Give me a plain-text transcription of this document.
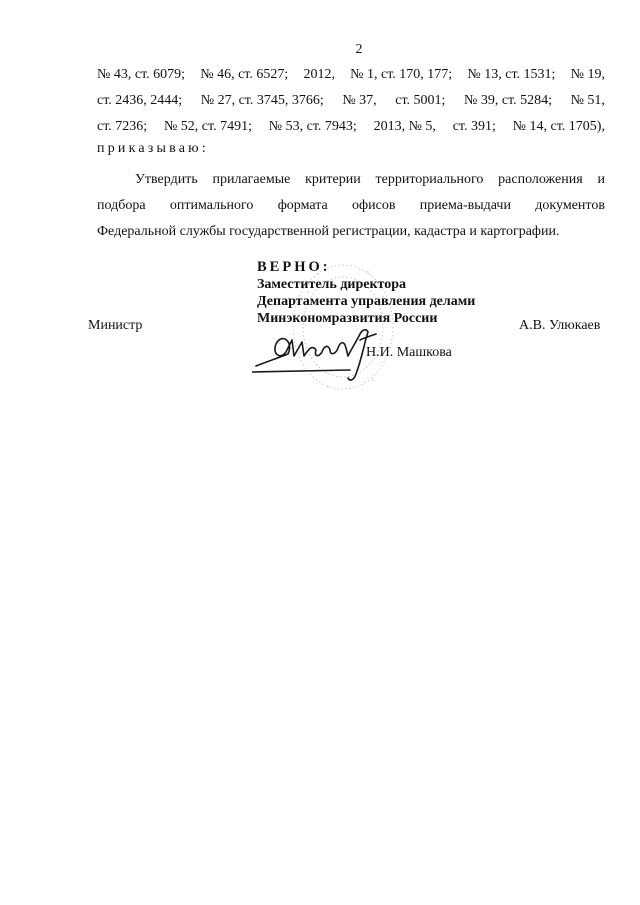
2
№ 43, ст. 6079; № 46, ст. 6527; 2012, № 1, ст. 170, 177; № 13, ст. 1531; № 19,
ст. 2436, 2444; № 27, ст. 3745, 3766; № 37, ст. 5001; № 39, ст. 5284; № 51,
ст. 7236; № 52, ст. 7491; № 53, ст. 7943; 2013, № 5, ст. 391; № 14, ст. 1705),
приказываю:
Утвердить прилагаемые критерии территориального расположения и
подбора оптимального формата офисов приема-выдачи документов
Федеральной службы государственной регистрации, кадастра и картографии.
ВЕРНО:
Заместитель директора
Департамента управления делами
Минэкономразвития России
Министр	А.В. Улюкаев
Н.И. Машкова
